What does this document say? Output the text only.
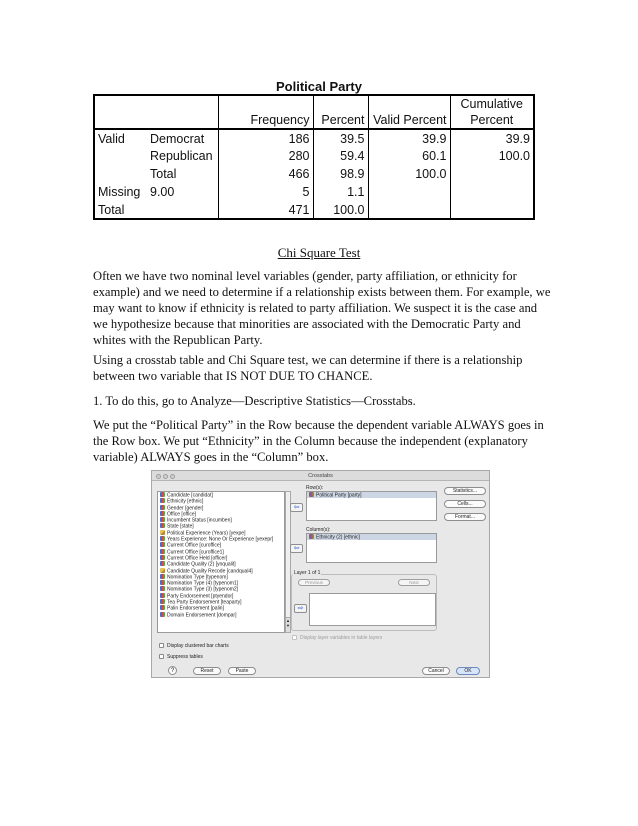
Political Party
					Cumulative
		Frequency	Percent	Valid Percent	Percent
Valid	Democrat	186	39.5	39.9	39.9
	Republican	280	59.4	60.1	100.0
	Total	466	98.9	100.0	
Missing	9.00	5	1.1		
Total		471	100.0		
Chi Square Test

Often we have two nominal level variables (gender, party affiliation, or ethnicity for example) and we need to determine if a relationship exists between them. For example, we may want to know if ethnicity is related to party affiliation. We suspect it is the case and we hypothesize because that minorities are associated with the Democratic Party and whites with the Republican Party.

Using a crosstab table and Chi Square test, we can determine if there is a relationship between two variable that IS NOT DUE TO CHANCE.

1. To do this, go to Analyze—Descriptive Statistics—Crosstabs.

We put the “Political Party” in the Row because the dependent variable ALWAYS goes in the Row box. We put “Ethnicity” in the Column because the independent (explanatory variable) ALWAYS goes in the “Column” box.

Crosstabs
Candidate [candidat]
Ethnicity [ethnic]
Gender [gender]
Office [office]
Incumbent Status [incumben]
State [state]
Political Experience (Years) [yexpe]
Years Experience: None Or Experience [yexepr]
Current Office [curoffice]
Current Office [curoffice1]
Current Office Held [officer]
Candidate Quality (2) [ynqualit]
Candidate Quality Recode [candqual4]
Nomination Type [typenom]
Nomination Type (4) [typenom1]
Nomination Type (3) [typenom2]
Party Endorsement [ptyendor]
Tea Party Endorsement [teaparty]
Palin Endorsement [palin]
Domain Endorsement [dompar]
▲
▼
Row(s):
⇦
Political Party [party]
Column(s):
⇦
Ethnicity (2) [ethnic]
Layer 1 of 1
Previous	Next
⇨
Display layer variables in table layers
Statistics...
Cells...
Format...
Display clustered bar charts
Suppress tables
?	Reset	Paste	Cancel	OK
